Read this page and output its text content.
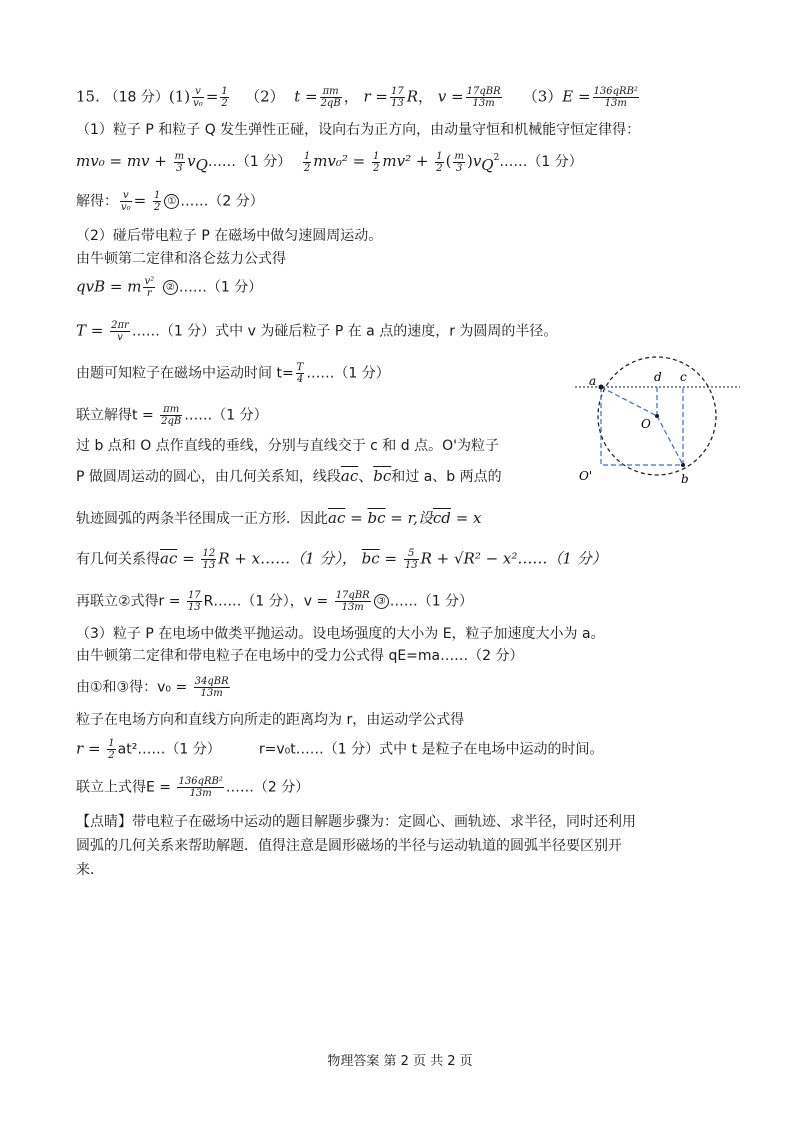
15. （18 分）$(1) \frac{v}{\text{v₀}} = \frac{1}{2} (2) t = \frac{\pi m}{2qB}$ ， $r = \frac{17}{13}$ R， $v = \frac{\text{17qBR}}{13m} (3)E = \frac{\text{136qRB²}}{13m}$
（1）粒子 P 和粒子 Q 发生弹性正碰，设向右为正方向，由动量守恒和机械能守恒定律得：
mv₀ = mv + $\frac{m}{3}$ $v_Q\dots\dots(1$ 分） $\frac{1}{2} mv_0^2 = \frac{1}{2} mv^2 + \frac{1}{2}$ ( $\frac{m}{3}$ )$v_Q^2\dots\dots(1$ 分）
解得： $\frac{v}{\text{v₀}} = \frac{1}{2}$ ① ……（2 分）
（2）碰后带电粒子 P 在磁场中做匀速圆周运动。
由牛顿第二定律和洛仑兹力公式得
qvB = m $\frac{\text{v²}}{r}$ ② ……（1 分）
$T = \frac{2\pi r}{v}$ ……（1 分）式中 v 为碰后粒子 P 在 a 点的速度，r 为圆周的半径。
由题可知粒子在磁场中运动时间 $t= \frac{T}{4}$ ……（1 分）
联立解得$t = \frac{\pi m}{2qB}$ ……（1 分）
过 b 点和 O 点作直线的垂线，分别与直线交于 c 和 d 点。O'为粒子
P 做圆周运动的圆心，由几何关系知，线段$\overline{ac}$、$\overline{bc}$和过 a、b 两点的
轨迹圆弧的两条半径围成一正方形．因此$\overline{ac} = \overline{bc} = r$,设$\overline{cd} = x$
有几何关系得$\overline{ac} = \frac{12}{13}$ R + x……（1 分）， $\overline{bc} = \frac{5}{13}$ R + √R² − x²……（1 分）
再联立②式得$r = \frac{17}{13}$ R……（1 分），$v = \frac{\text{17qBR}}{13m}$ ③ ……（1 分）
（3）粒子 P 在电场中做类平抛运动。设电场强度的大小为 E，粒子加速度大小为 a。
由牛顿第二定律和带电粒子在电场中的受力公式得 qE=ma……（2 分）
由①和③得：$v_0 = \frac{\text{34qBR}}{13m}$
粒子在电场方向和直线方向所走的距离均为 r，由运动学公式得
$r = \frac{1}{2}$ at²……（1 分）	r=v₀t……（1 分）式中 t 是粒子在电场中运动的时间。
联立上式得$E = \frac{\text{136qRB²}}{13m}$ ……（2 分）
【点睛】带电粒子在磁场中运动的题目解题步骤为：定圆心、画轨迹、求半径，同时还利用
圆弧的几何关系来帮助解题．值得注意是圆形磁场的半径与运动轨道的圆弧半径要区别开
来．
a	d c
O
O'	b
物理答案 第 2 页 共 2 页
